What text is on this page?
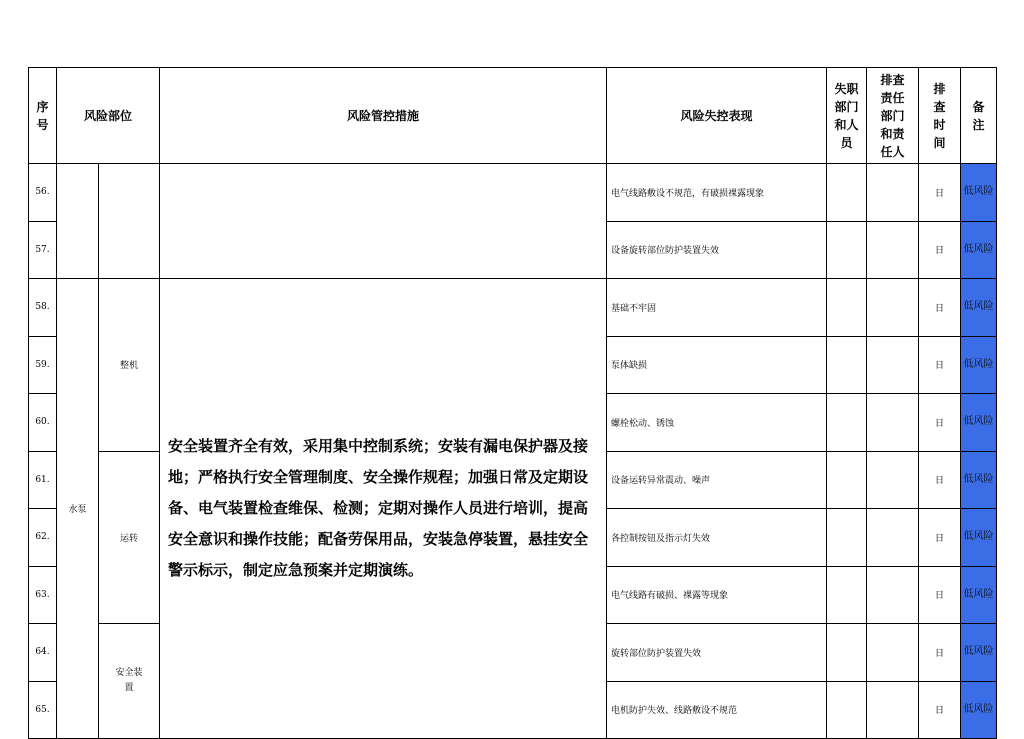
序号	风险部位		风险管控措施	风险失控表现	失职部门和人员	排查责任部门和责任人	排查时间	备注
56.				电气线路敷设不规范，有破损裸露现象			日	低风险
57.				设备旋转部位防护装置失效			日	低风险
58.	水泵	整机	安全装置齐全有效，采用集中控制系统；安装有漏电保护器及接地；严格执行安全管理制度、安全操作规程；加强日常及定期设备、电气装置检查维保、检测；定期对操作人员进行培训，提高安全意识和操作技能；配备劳保用品，安装急停装置，悬挂安全警示标示，制定应急预案并定期演练。	基础不牢固			日	低风险
59.				泵体缺损			日	低风险
60.				螺栓松动、锈蚀			日	低风险
61.		运转		设备运转异常震动、噪声			日	低风险
62.				各控制按钮及指示灯失效			日	低风险
63.				电气线路有破损、裸露等现象			日	低风险
64.		安全装置		旋转部位防护装置失效			日	低风险
65.				电机防护失效、线路敷设不规范			日	低风险
